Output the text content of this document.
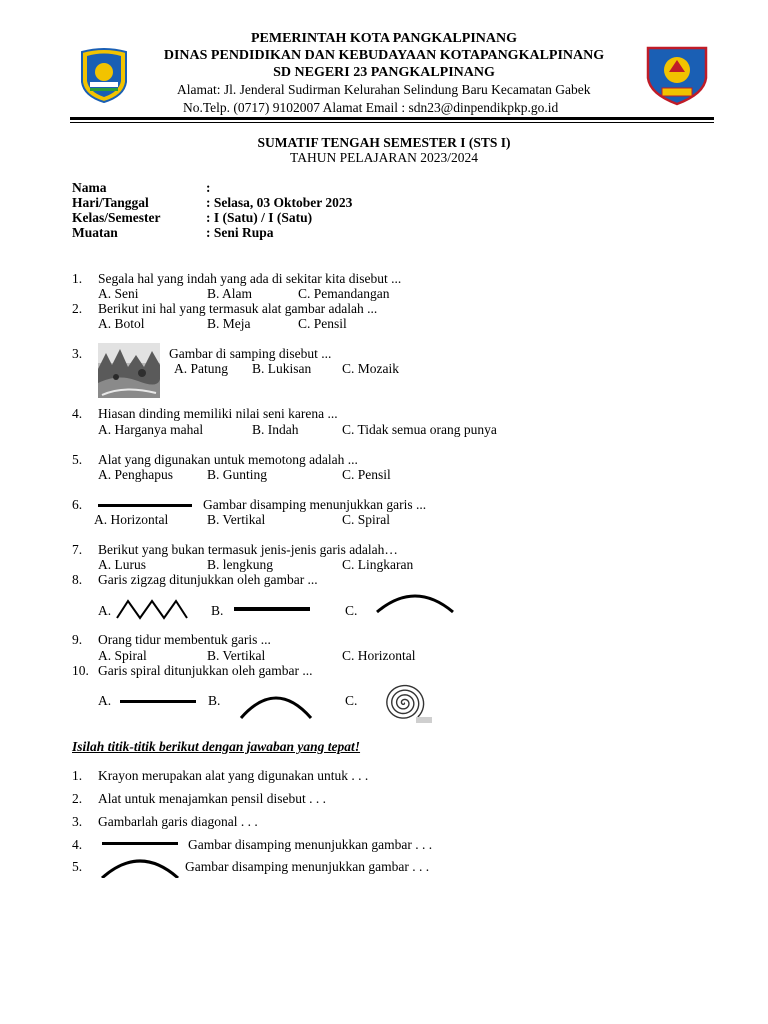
PEMERINTAH KOTA PANGKALPINANG
DINAS PENDIDIKAN DAN KEBUDAYAAN KOTAPANGKALPINANG
SD NEGERI 23 PANGKALPINANG
Alamat: Jl. Jenderal Sudirman Kelurahan Selindung Baru Kecamatan Gabek
No.Telp. (0717) 9102007 Alamat Email : sdn23@dinpendikpkp.go.id
SUMATIF TENGAH SEMESTER I (STS I)
TAHUN PELAJARAN 2023/2024
Nama	:
Hari/Tanggal	: Selasa, 03 Oktober 2023
Kelas/Semester	: I (Satu) / I (Satu)
Muatan	: Seni Rupa
1. Segala hal yang indah yang ada di sekitar kita disebut ...
A. Seni	B. Alam	C. Pemandangan
2. Berikut ini hal yang termasuk alat gambar adalah ...
A. Botol	B. Meja	C. Pensil
3.	Gambar di samping disebut ...
A. Patung B. Lukisan C. Mozaik
4. Hiasan dinding memiliki nilai seni karena ...
A. Harganya mahal	B. Indah	C. Tidak semua orang punya
5. Alat yang digunakan untuk memotong adalah ...
A. Penghapus	B. Gunting	C. Pensil
6.	Gambar disamping menunjukkan garis ...
A. Horizontal	B. Vertikal	C. Spiral
7. Berikut yang bukan termasuk jenis-jenis garis adalah…
A. Lurus	B. lengkung	C. Lingkaran
8. Garis zigzag ditunjukkan oleh gambar ...
A.	B.	C.
9. Orang tidur membentuk garis ...
A. Spiral	B. Vertikal	C. Horizontal
10. Garis spiral ditunjukkan oleh gambar ...
A.	B.	C.
Isilah titik-titik berikut dengan jawaban yang tepat!
1. Krayon merupakan alat yang digunakan untuk . . .
2. Alat untuk menajamkan pensil disebut . . .
3. Gambarlah garis diagonal . . .
4.	Gambar disamping menunjukkan gambar . . .
5.	Gambar disamping menunjukkan gambar . . .
